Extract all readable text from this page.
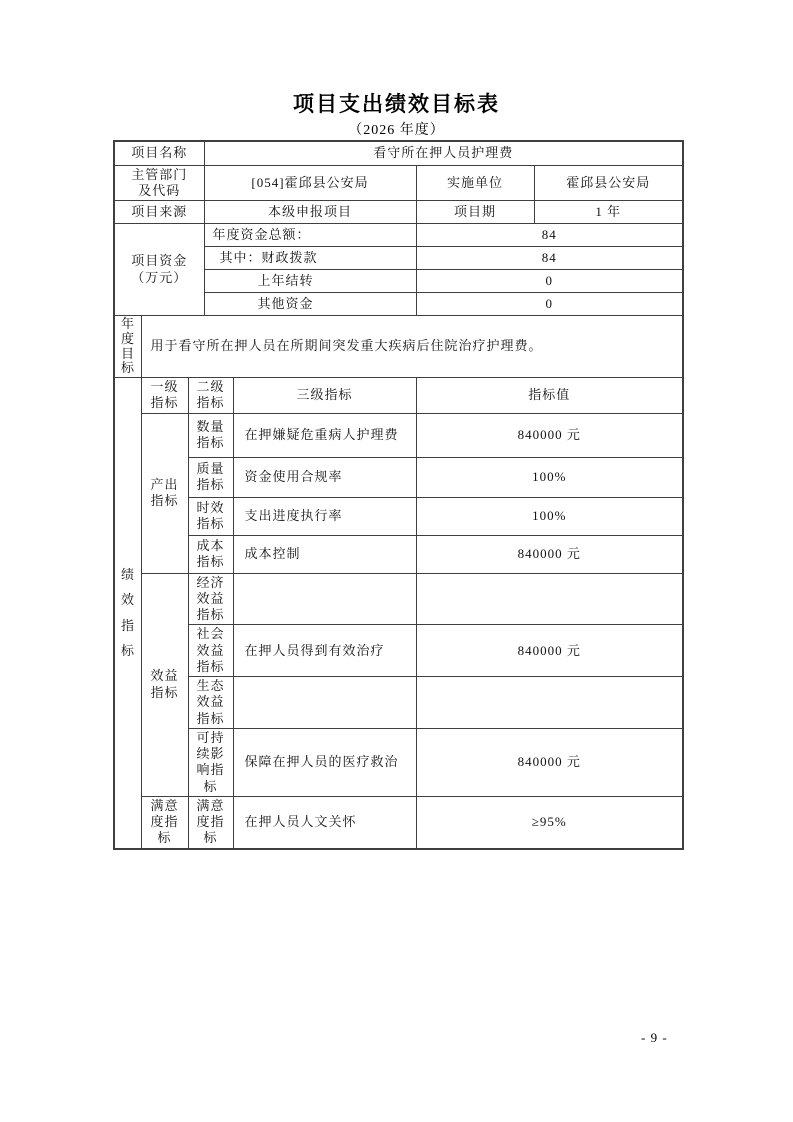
项目支出绩效目标表
（2026 年度）
项目名称			看守所在押人员护理费			
主管部门及代码			[054]霍邱县公安局		实施单位	霍邱县公安局
项目来源			本级申报项目		项目期	1 年
项目资金（万元）			年度资金总额：		84	
			其中：财政拨款		84	
			上年结转		0	
			其他资金		0	
年度目标	用于看守所在押人员在所期间突发重大疾病后住院治疗护理费。					
绩效指标	一级指标	二级指标		三级指标	指标值	
	产出指标	数量指标		在押嫌疑危重病人护理费	840000 元	
		质量指标		资金使用合规率	100%	
		时效指标		支出进度执行率	100%	
		成本指标		成本控制	840000 元	
	效益指标	经济效益指标				
		社会效益指标		在押人员得到有效治疗	840000 元	
		生态效益指标				
		可持续影响指标		保障在押人员的医疗救治	840000 元	
	满意度指标	满意度指标		在押人员人文关怀	≥95%	
- 9 -
